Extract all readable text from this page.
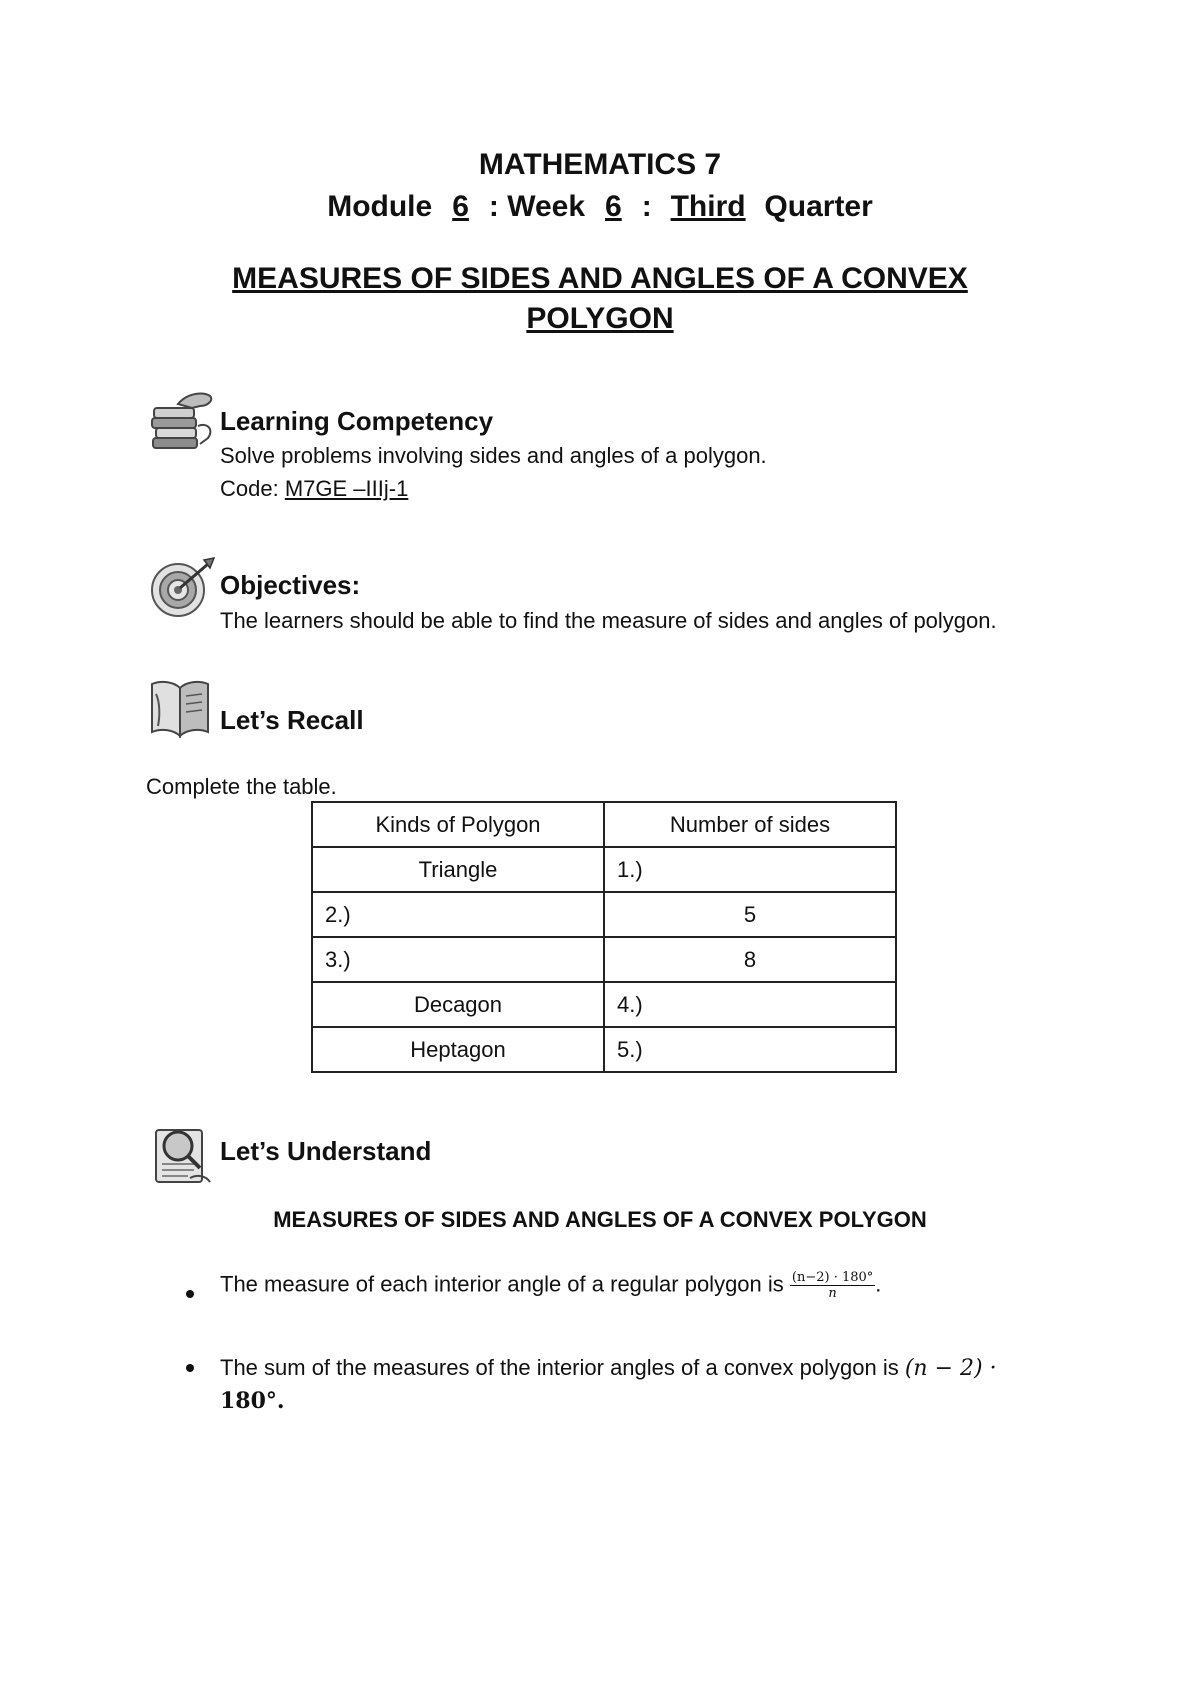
MATHEMATICS 7
Module 6 : Week 6 : Third Quarter
MEASURES OF SIDES AND ANGLES OF A CONVEX
POLYGON
Learning Competency
Solve problems involving sides and angles of a polygon.
Code: M7GE –IIIj-1
Objectives:
The learners should be able to find the measure of sides and angles of polygon.
Let’s Recall
Complete the table.
Kinds of Polygon	Number of sides
Triangle	1.)
2.)	5
3.)	8
Decagon	4.)
Heptagon	5.)
Let’s Understand
MEASURES OF SIDES AND ANGLES OF A CONVEX POLYGON
The measure of each interior angle of a regular polygon is $\frac{(n-2) \cdot 180^\circ}{n}$ .
The sum of the measures of the interior angles of a convex polygon is (n − 2) ·
180°.
